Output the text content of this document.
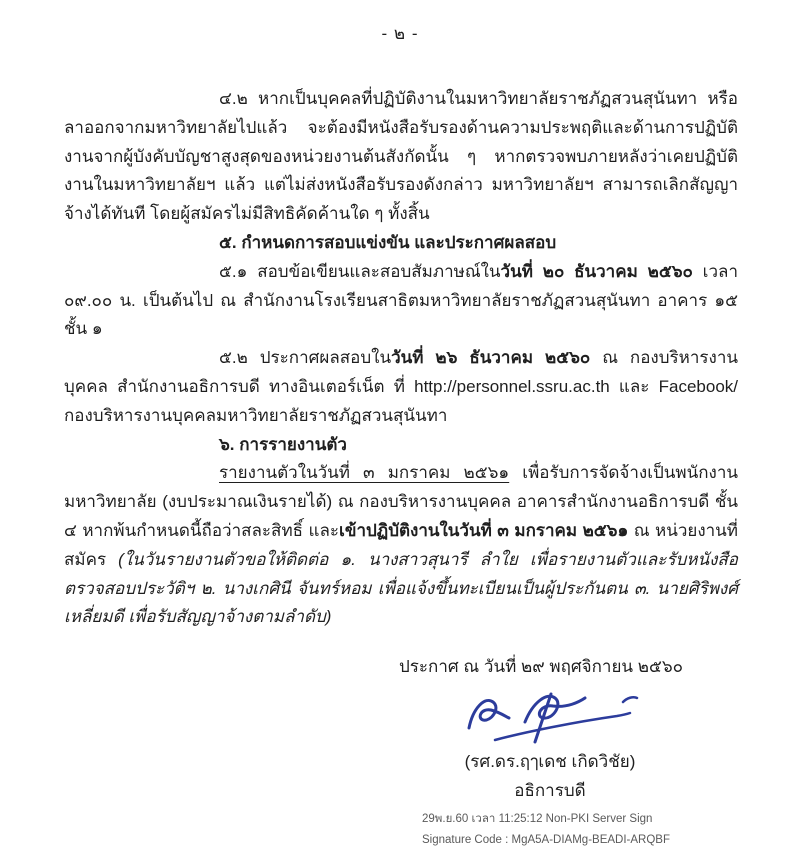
- ๒ -

๔.๒ หากเป็นบุคคลที่ปฏิบัติงานในมหาวิทยาลัยราชภัฏสวนสุนันทา หรือลาออกจากมหาวิทยาลัยไปแล้ว จะต้องมีหนังสือรับรองด้านความประพฤติและด้านการปฏิบัติงานจากผู้บังคับบัญชาสูงสุดของหน่วยงานต้นสังกัดนั้น ๆ หากตรวจพบภายหลังว่าเคยปฏิบัติงานในมหาวิทยาลัยฯ แล้ว แต่ไม่ส่งหนังสือรับรองดังกล่าว มหาวิทยาลัยฯ สามารถเลิกสัญญาจ้างได้ทันที โดยผู้สมัครไม่มีสิทธิคัดค้านใด ๆ ทั้งสิ้น

๕. กำหนดการสอบแข่งขัน และประกาศผลสอบ

๕.๑ สอบข้อเขียนและสอบสัมภาษณ์ในวันที่ ๒๐ ธันวาคม ๒๕๖๐ เวลา ๐๙.๐๐ น. เป็นต้นไป ณ สำนักงานโรงเรียนสาธิตมหาวิทยาลัยราชภัฏสวนสุนันทา อาคาร ๑๕ ชั้น ๑

๕.๒ ประกาศผลสอบในวันที่ ๒๖ ธันวาคม ๒๕๖๐ ณ กองบริหารงานบุคคล สำนักงานอธิการบดี ทางอินเตอร์เน็ต ที่ http://personnel.ssru.ac.th และ Facebook/กองบริหารงานบุคคลมหาวิทยาลัยราชภัฏสวนสุนันทา

๖. การรายงานตัว

รายงานตัวในวันที่ ๓ มกราคม ๒๕๖๑ เพื่อรับการจัดจ้างเป็นพนักงานมหาวิทยาลัย (งบประมาณเงินรายได้) ณ กองบริหารงานบุคคล อาคารสำนักงานอธิการบดี ชั้น ๔ หากพ้นกำหนดนี้ถือว่าสละสิทธิ์ และเข้าปฏิบัติงานในวันที่ ๓ มกราคม ๒๕๖๑ ณ หน่วยงานที่สมัคร (ในวันรายงานตัวขอให้ติดต่อ ๑. นางสาวสุนารี ลำใย เพื่อรายงานตัวและรับหนังสือตรวจสอบประวัติฯ ๒. นางเกศินี จันทร์หอม เพื่อแจ้งขึ้นทะเบียนเป็นผู้ประกันตน ๓. นายศิริพงศ์ เหลี่ยมดี เพื่อรับสัญญาจ้างตามลำดับ)

ประกาศ ณ วันที่ ๒๙ พฤศจิกายน ๒๕๖๐

(รศ.ดร.ฤๅเดช เกิดวิชัย)

อธิการบดี

29พ.ย.60 เวลา 11:25:12 Non-PKI Server Sign

Signature Code : MgA5A-DIAMg-BEADI-ARQBF
